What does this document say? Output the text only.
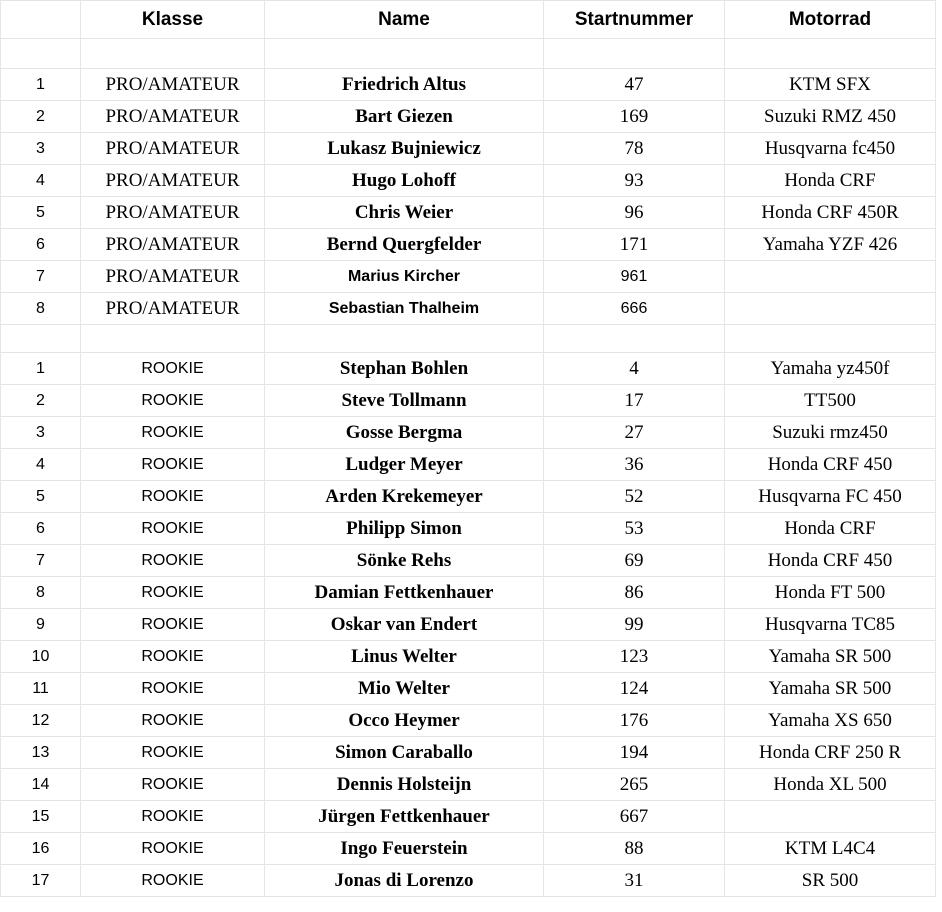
	Klasse	Name	Startnummer	Motorrad

1	PRO/AMATEUR	Friedrich Altus	47	KTM SFX
2	PRO/AMATEUR	Bart Giezen	169	Suzuki RMZ 450
3	PRO/AMATEUR	Lukasz Bujniewicz	78	Husqvarna fc450
4	PRO/AMATEUR	Hugo Lohoff	93	Honda CRF
5	PRO/AMATEUR	Chris Weier	96	Honda CRF 450R
6	PRO/AMATEUR	Bernd Quergfelder	171	Yamaha YZF 426
7	PRO/AMATEUR	Marius Kircher	961	
8	PRO/AMATEUR	Sebastian Thalheim	666	

1	ROOKIE	Stephan Bohlen	4	Yamaha yz450f
2	ROOKIE	Steve Tollmann	17	TT500
3	ROOKIE	Gosse Bergma	27	Suzuki rmz450
4	ROOKIE	Ludger Meyer	36	Honda CRF 450
5	ROOKIE	Arden Krekemeyer	52	Husqvarna FC 450
6	ROOKIE	Philipp Simon	53	Honda CRF
7	ROOKIE	Sönke Rehs	69	Honda CRF 450
8	ROOKIE	Damian Fettkenhauer	86	Honda FT 500
9	ROOKIE	Oskar van Endert	99	Husqvarna TC85
10	ROOKIE	Linus Welter	123	Yamaha SR 500
11	ROOKIE	Mio Welter	124	Yamaha SR 500
12	ROOKIE	Occo Heymer	176	Yamaha XS 650
13	ROOKIE	Simon Caraballo	194	Honda CRF 250 R
14	ROOKIE	Dennis Holsteijn	265	Honda XL 500
15	ROOKIE	Jürgen Fettkenhauer	667	
16	ROOKIE	Ingo Feuerstein	88	KTM L4C4
17	ROOKIE	Jonas di Lorenzo	31	SR 500
